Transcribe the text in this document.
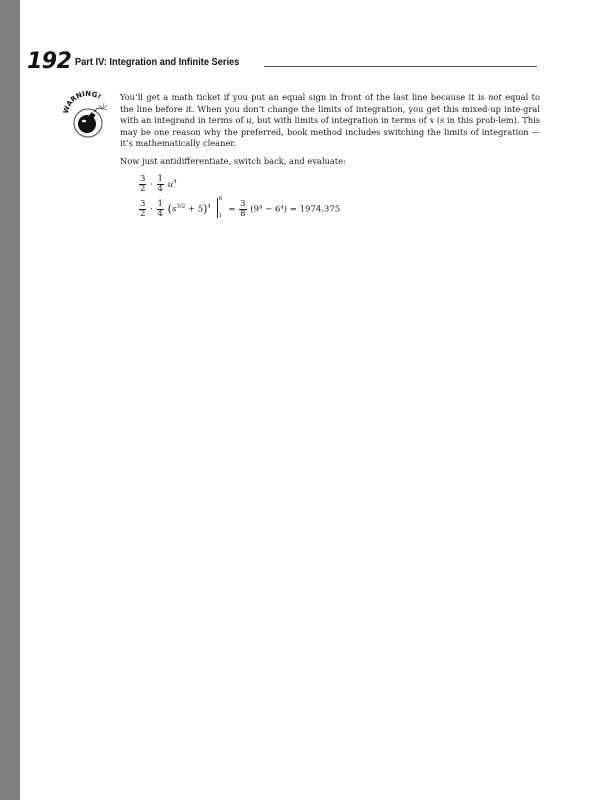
192 Part IV: Integration and Infinite Series
WARNING! You’ll get a math ticket if you put an equal sign in front of the last line because it is not equal to the line before it. When you don’t change the limits of integration, you get this mixed-up inte-gral with an integrand in terms of u, but with limits of integration in terms of x (s in this prob-lem). This may be one reason why the preferred, book method includes switching the limits of integration — it’s mathematically cleaner.

Now just antidifferentiate, switch back, and evaluate:

$\frac{3}{2} \cdot \frac{1}{4} u^4$
$\frac{3}{2} \cdot \frac{1}{4} (s^{3/2} + 5)^4$
8
1
= $\frac{3}{8} (9^4 - 6^4) = 1974.375$
